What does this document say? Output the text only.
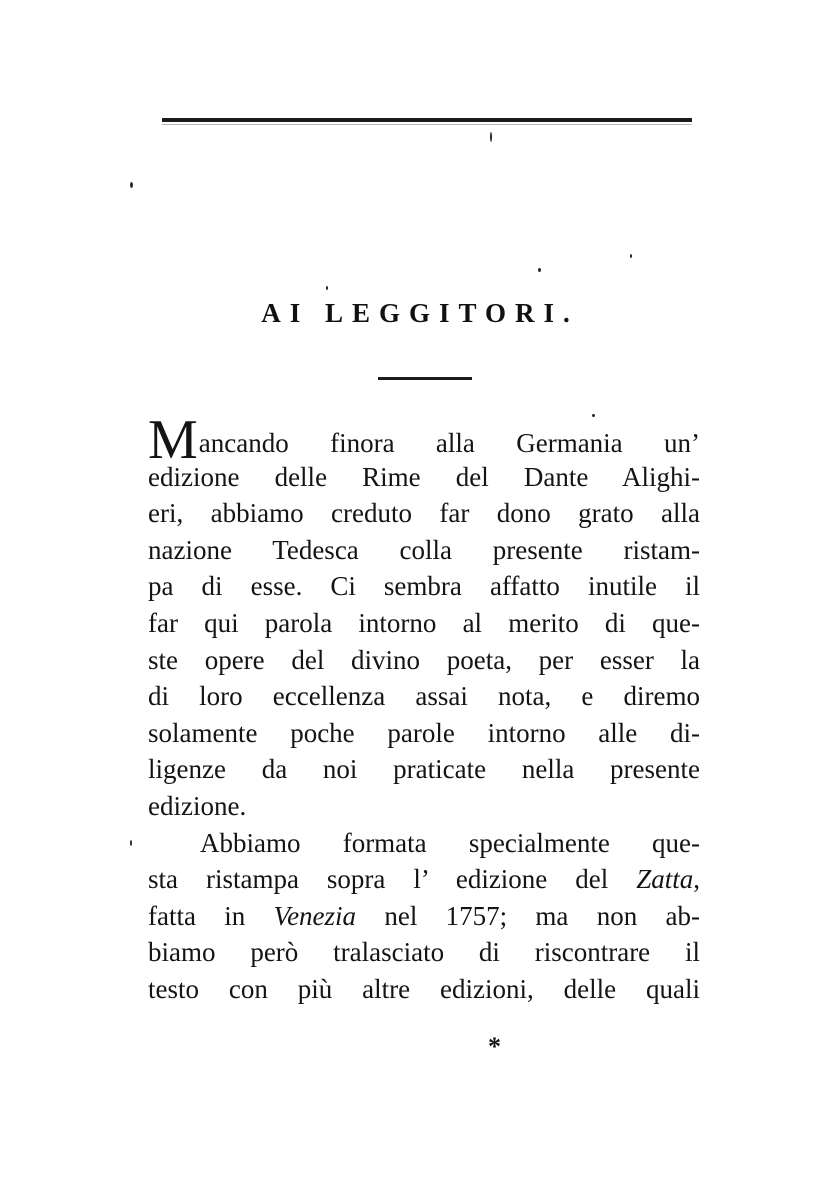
AI LEGGITORI.
Mancando finora alla Germania un’
edizione delle Rime del Dante Alighi-
eri, abbiamo creduto far dono grato alla
nazione Tedesca colla presente ristam-
pa di esse. Ci sembra affatto inutile il
far qui parola intorno al merito di que-
ste opere del divino poeta, per esser la
di loro eccellenza assai nota, e diremo
solamente poche parole intorno alle di-
ligenze da noi praticate nella presente
edizione.
Abbiamo formata specialmente que-
sta ristampa sopra l’ edizione del Zatta,
fatta in Venezia nel 1757; ma non ab-
biamo però tralasciato di riscontrare il
testo con più altre edizioni, delle quali
*
